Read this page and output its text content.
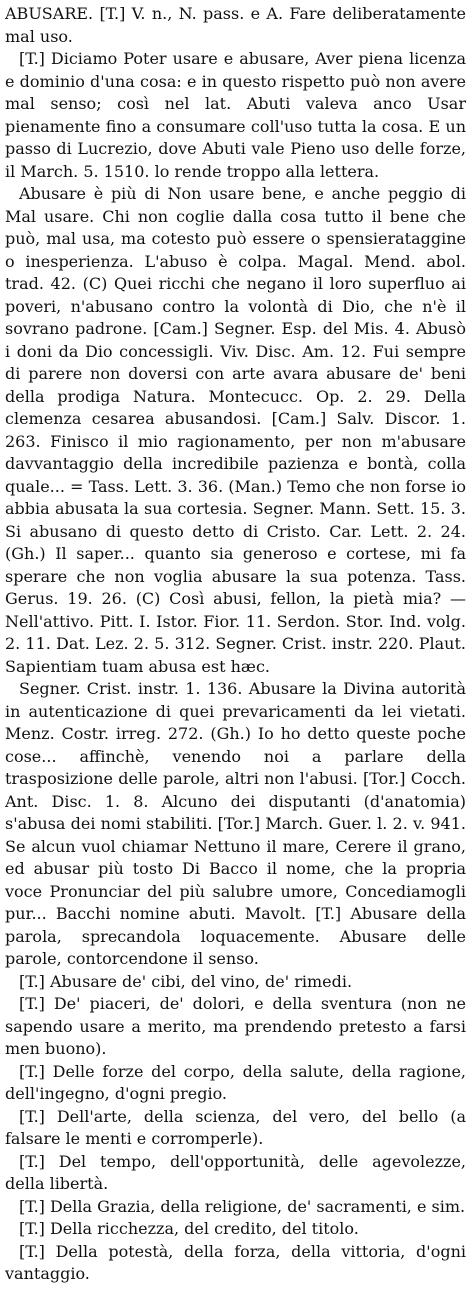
ABUSARE. [T.] V. n., N. pass. e A. Fare deliberatamente mal uso.

[T.] Diciamo Poter usare e abusare, Aver piena licenza e dominio d'una cosa: e in questo rispetto può non avere mal senso; così nel lat. Abuti valeva anco Usar pienamente fino a consumare coll'uso tutta la cosa. E un passo di Lucrezio, dove Abuti vale Pieno uso delle forze, il March. 5. 1510. lo rende troppo alla lettera.

Abusare è più di Non usare bene, e anche peggio di Mal usare. Chi non coglie dalla cosa tutto il bene che può, mal usa, ma cotesto può essere o spensierataggine o inesperienza. L'abuso è colpa. Magal. Mend. abol. trad. 42. (C) Quei ricchi che negano il loro superfluo ai poveri, n'abusano contro la volontà di Dio, che n'è il sovrano padrone. [Cam.] Segner. Esp. del Mis. 4. Abusò i doni da Dio concessigli. Viv. Disc. Am. 12. Fui sempre di parere non doversi con arte avara abusare de' beni della prodiga Natura. Montecucc. Op. 2. 29. Della clemenza cesarea abusandosi. [Cam.] Salv. Discor. 1. 263. Finisco il mio ragionamento, per non m'abusare davvantaggio della incredibile pazienza e bontà, colla quale... = Tass. Lett. 3. 36. (Man.) Temo che non forse io abbia abusata la sua cortesia. Segner. Mann. Sett. 15. 3. Si abusano di questo detto di Cristo. Car. Lett. 2. 24. (Gh.) Il saper... quanto sia generoso e cortese, mi fa sperare che non voglia abusare la sua potenza. Tass. Gerus. 19. 26. (C) Così abusi, fellon, la pietà mia? — Nell'attivo. Pitt. I. Istor. Fior. 11. Serdon. Stor. Ind. volg. 2. 11. Dat. Lez. 2. 5. 312. Segner. Crist. instr. 220. Plaut. Sapientiam tuam abusa est hæc.

Segner. Crist. instr. 1. 136. Abusare la Divina autorità in autenticazione di quei prevaricamenti da lei vietati. Menz. Costr. irreg. 272. (Gh.) Io ho detto queste poche cose... affinchè, venendo noi a parlare della trasposizione delle parole, altri non l'abusi. [Tor.] Cocch. Ant. Disc. 1. 8. Alcuno dei disputanti (d'anatomia) s'abusa dei nomi stabiliti. [Tor.] March. Guer. l. 2. v. 941. Se alcun vuol chiamar Nettuno il mare, Cerere il grano, ed abusar più tosto Di Bacco il nome, che la propria voce Pronunciar del più salubre umore, Concediamogli pur... Bacchi nomine abuti. Mavolt. [T.] Abusare della parola, sprecandola loquacemente. Abusare delle parole, contorcendone il senso.

[T.] Abusare de' cibi, del vino, de' rimedi.

[T.] De' piaceri, de' dolori, e della sventura (non ne sapendo usare a merito, ma prendendo pretesto a farsi men buono).

[T.] Delle forze del corpo, della salute, della ragione, dell'ingegno, d'ogni pregio.

[T.] Dell'arte, della scienza, del vero, del bello (a falsare le menti e corromperle).

[T.] Del tempo, dell'opportunità, delle agevolezze, della libertà.

[T.] Della Grazia, della religione, de' sacramenti, e sim.

[T.] Della ricchezza, del credito, del titolo.

[T.] Della potestà, della forza, della vittoria, d'ogni vantaggio.
